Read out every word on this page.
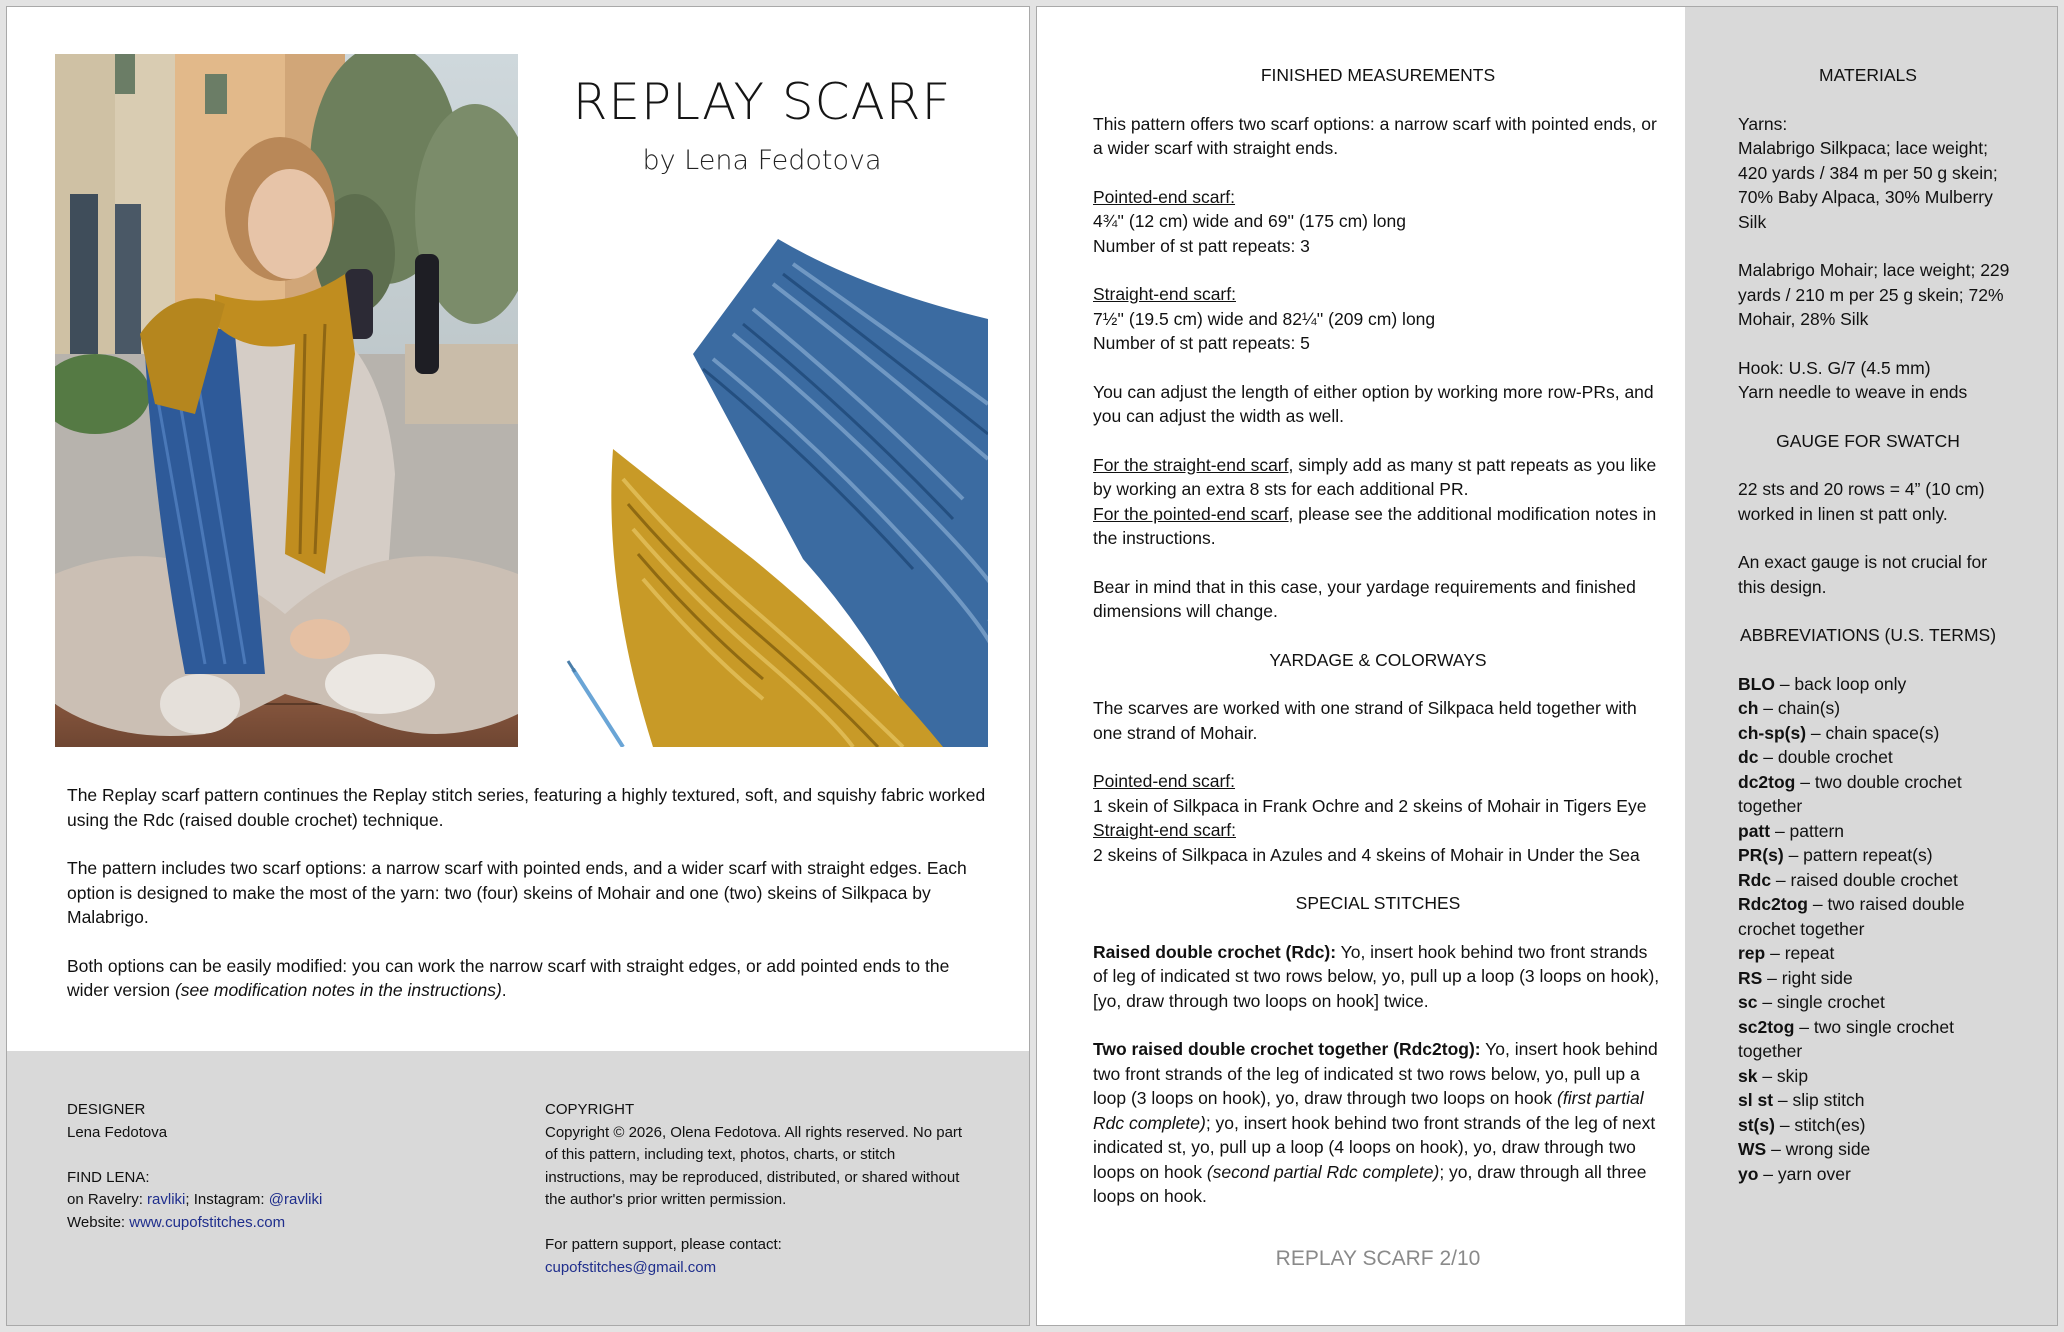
REPLAY SCARF
by Lena Fedotova

The Replay scarf pattern continues the Replay stitch series, featuring a highly textured, soft, and squishy fabric worked using the Rdc (raised double crochet) technique.

The pattern includes two scarf options: a narrow scarf with pointed ends, and a wider scarf with straight edges. Each option is designed to make the most of the yarn: two (four) skeins of Mohair and one (two) skeins of Silkpaca by Malabrigo.

Both options can be easily modified: you can work the narrow scarf with straight edges, or add pointed ends to the wider version (see modification notes in the instructions).

DESIGNER
Lena Fedotova
FIND LENA:
on Ravelry: ravliki; Instagram: @ravliki
Website: www.cupofstitches.com
COPYRIGHT
Copyright © 2026, Olena Fedotova. All rights reserved. No part of this pattern, including text, photos, charts, or stitch instructions, may be reproduced, distributed, or shared without the author's prior written permission.
For pattern support, please contact:
cupofstitches@gmail.com
FINISHED MEASUREMENTS

This pattern offers two scarf options: a narrow scarf with pointed ends, or a wider scarf with straight ends.

Pointed-end scarf:
4¾'' (12 cm) wide and 69'' (175 cm) long
Number of st patt repeats: 3

Straight-end scarf:
7½'' (19.5 cm) wide and 82¼'' (209 cm) long
Number of st patt repeats: 5

You can adjust the length of either option by working more row-PRs, and you can adjust the width as well.

For the straight-end scarf, simply add as many st patt repeats as you like by working an extra 8 sts for each additional PR.
For the pointed-end scarf, please see the additional modification notes in the instructions.

Bear in mind that in this case, your yardage requirements and finished dimensions will change.

YARDAGE & COLORWAYS

The scarves are worked with one strand of Silkpaca held together with one strand of Mohair.

Pointed-end scarf:
1 skein of Silkpaca in Frank Ochre and 2 skeins of Mohair in Tigers Eye
Straight-end scarf:
2 skeins of Silkpaca in Azules and 4 skeins of Mohair in Under the Sea

SPECIAL STITCHES

Raised double crochet (Rdc): Yo, insert hook behind two front strands of leg of indicated st two rows below, yo, pull up a loop (3 loops on hook), [yo, draw through two loops on hook] twice.

Two raised double crochet together (Rdc2tog): Yo, insert hook behind two front strands of the leg of indicated st two rows below, yo, pull up a loop (3 loops on hook), yo, draw through two loops on hook (first partial Rdc complete); yo, insert hook behind two front strands of the leg of next indicated st, yo, pull up a loop (4 loops on hook), yo, draw through two loops on hook (second partial Rdc complete); yo, draw through all three loops on hook.

REPLAY SCARF 2/10
MATERIALS

Yarns:
Malabrigo Silkpaca; lace weight; 420 yards / 384 m per 50 g skein; 70% Baby Alpaca, 30% Mulberry Silk

Malabrigo Mohair; lace weight; 229 yards / 210 m per 25 g skein; 72% Mohair, 28% Silk

Hook: U.S. G/7 (4.5 mm)
Yarn needle to weave in ends

GAUGE FOR SWATCH

22 sts and 20 rows = 4” (10 cm) worked in linen st patt only.

An exact gauge is not crucial for this design.

ABBREVIATIONS (U.S. TERMS)
BLO – back loop only
ch – chain(s)
ch-sp(s) – chain space(s)
dc – double crochet
dc2tog – two double crochet together
patt – pattern
PR(s) – pattern repeat(s)
Rdc – raised double crochet
Rdc2tog – two raised double crochet together
rep – repeat
RS – right side
sc – single crochet
sc2tog – two single crochet together
sk – skip
sl st – slip stitch
st(s) – stitch(es)
WS – wrong side
yo – yarn over
